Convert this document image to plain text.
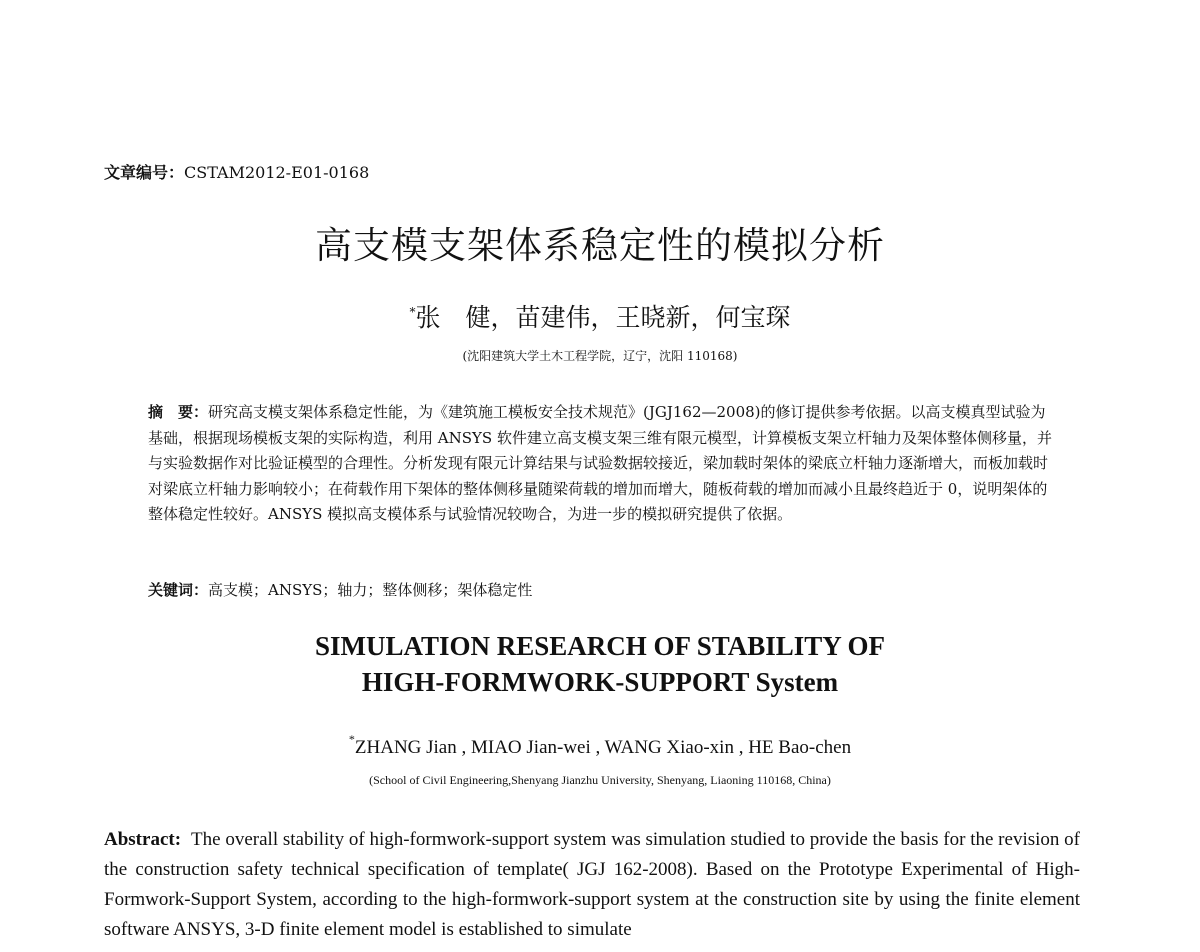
文章编号：CSTAM2012-E01-0168
高支模支架体系稳定性的模拟分析
*张　健，苗建伟，王晓新，何宝琛
(沈阳建筑大学土木工程学院，辽宁，沈阳 110168)
摘　要：研究高支模支架体系稳定性能，为《建筑施工模板安全技术规范》(JGJ162—2008)的修订提供参考依据。以高支模真型试验为基础，根据现场模板支架的实际构造，利用 ANSYS 软件建立高支模支架三维有限元模型，计算模板支架立杆轴力及架体整体侧移量，并与实验数据作对比验证模型的合理性。分析发现有限元计算结果与试验数据较接近，梁加载时架体的梁底立杆轴力逐渐增大，而板加载时对梁底立杆轴力影响较小；在荷载作用下架体的整体侧移量随梁荷载的增加而增大，随板荷载的增加而减小且最终趋近于 0，说明架体的整体稳定性较好。ANSYS 模拟高支模体系与试验情况较吻合，为进一步的模拟研究提供了依据。
关键词：高支模；ANSYS；轴力；整体侧移；架体稳定性
SIMULATION RESEARCH OF STABILITY OF
HIGH-FORMWORK-SUPPORT System
*ZHANG Jian , MIAO Jian-wei , WANG Xiao-xin , HE Bao-chen
(School of Civil Engineering,Shenyang Jianzhu University, Shenyang, Liaoning 110168, China)
Abstract: The overall stability of high-formwork-support system was simulation studied to provide the basis for the revision of the construction safety technical specification of template( JGJ 162-2008). Based on the Prototype Experimental of High-Formwork-Support System, according to the high-formwork-support system at the construction site by using the finite element software ANSYS, 3-D finite element model is established to simulate
